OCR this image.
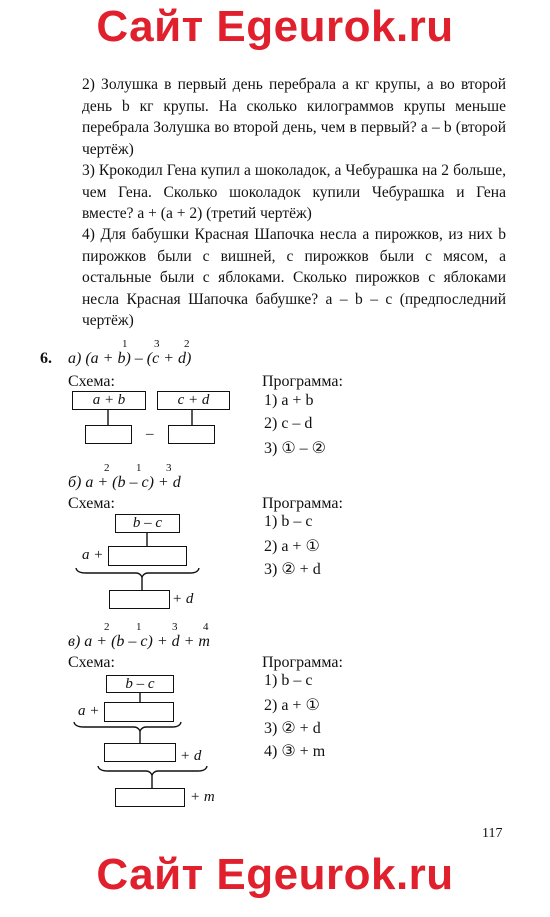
Сайт Egeurok.ru

2) Золушка в первый день перебрала a кг крупы, а во второй день b кг крупы. На сколько килограммов крупы меньше перебрала Золушка во второй день, чем в первый? a – b (второй чертёж)

3) Крокодил Гена купил a шоколадок, а Чебурашка на 2 больше, чем Гена. Сколько шоколадок купили Чебурашка и Гена вместе? a + (a + 2) (третий чертёж)

4) Для бабушки Красная Шапочка несла a пирожков, из них b пирожков были с вишней, c пирожков были с мясом, а остальные были с яблоками. Сколько пирожков с яблоками несла Красная Шапочка бабушке? a – b – c (предпоследний чертёж)

6.
1 3 2
а) (a + b) – (c + d)
Схема:	Программа:
a + b	c + d
–
1) a + b
2) c – d
3) ① – ②
2 1 3
б) a + (b – c) + d
Схема:	Программа:
b – c
a +
+ d
1) b – c
2) a + ①
3) ② + d
2 1	3 4
в) a + (b – c) + d + m
Схема:	Программа:
b – c
a +
+ d
+ m
1) b – c
2) a + ①
3) ② + d
4) ③ + m
117
Сайт Egeurok.ru
